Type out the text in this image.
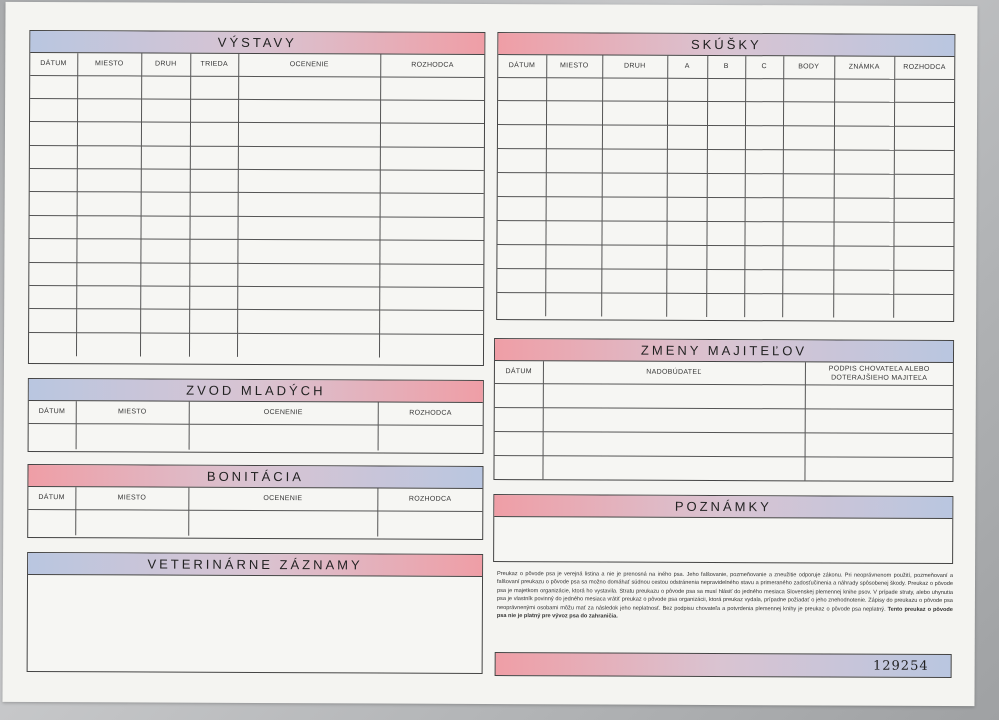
VÝSTAVY
DÁTUM	MIESTO	DRUH	TRIEDA	OCENENIE	ROZHODCA

SKÚŠKY
DÁTUM	MIESTO	DRUH	A	B	C	BODY	ZNÁMKA	ROZHODCA

ZVOD MLADÝCH
DÁTUM	MIESTO	OCENENIE	ROZHODCA

BONITÁCIA
DÁTUM	MIESTO	OCENENIE	ROZHODCA

VETERINÁRNE ZÁZNAMY
ZMENY MAJITEĽOV
DÁTUM	NADOBÚDATEĽ	PODPIS CHOVATEĽA ALEBO DOTERAJŠIEHO MAJITEĽA

POZNÁMKY
Preukaz o pôvode psa je verejná listina a nie je prenosná na iného psa. Jeho falšovanie, pozmeňovanie a zneužitie odporuje zákonu. Pri neoprávnenom použití, pozmeňovaní a falšovaní preukazu o pôvode psa sa možno domáhať súdnou cestou odstránenia nepravidelného stavu a primeraného zadosťučinenia a náhrady spôsobenej škody. Preukaz o pôvode psa je majetkom organizácie, ktorá ho vystavila. Stratu preukazu o pôvode psa sa musí hlásiť do jedného mesiaca Slovenskej plemennej knihe psov. V prípade straty, alebo uhynutia psa je vlastník povinný do jedného mesiaca vrátiť preukaz o pôvode psa organizácii, ktorá preukaz vydala, prípadne požiadať o jeho znehodnotenie. Zápisy do preukazu o pôvode psa neoprávnenými osobami môžu mať za následok jeho neplatnosť. Bez podpisu chovateľa a potvrdenia plemennej knihy je preukaz o pôvode psa neplatný. Tento preukaz o pôvode psa nie je platný pre vývoz psa do zahraničia.
129254
